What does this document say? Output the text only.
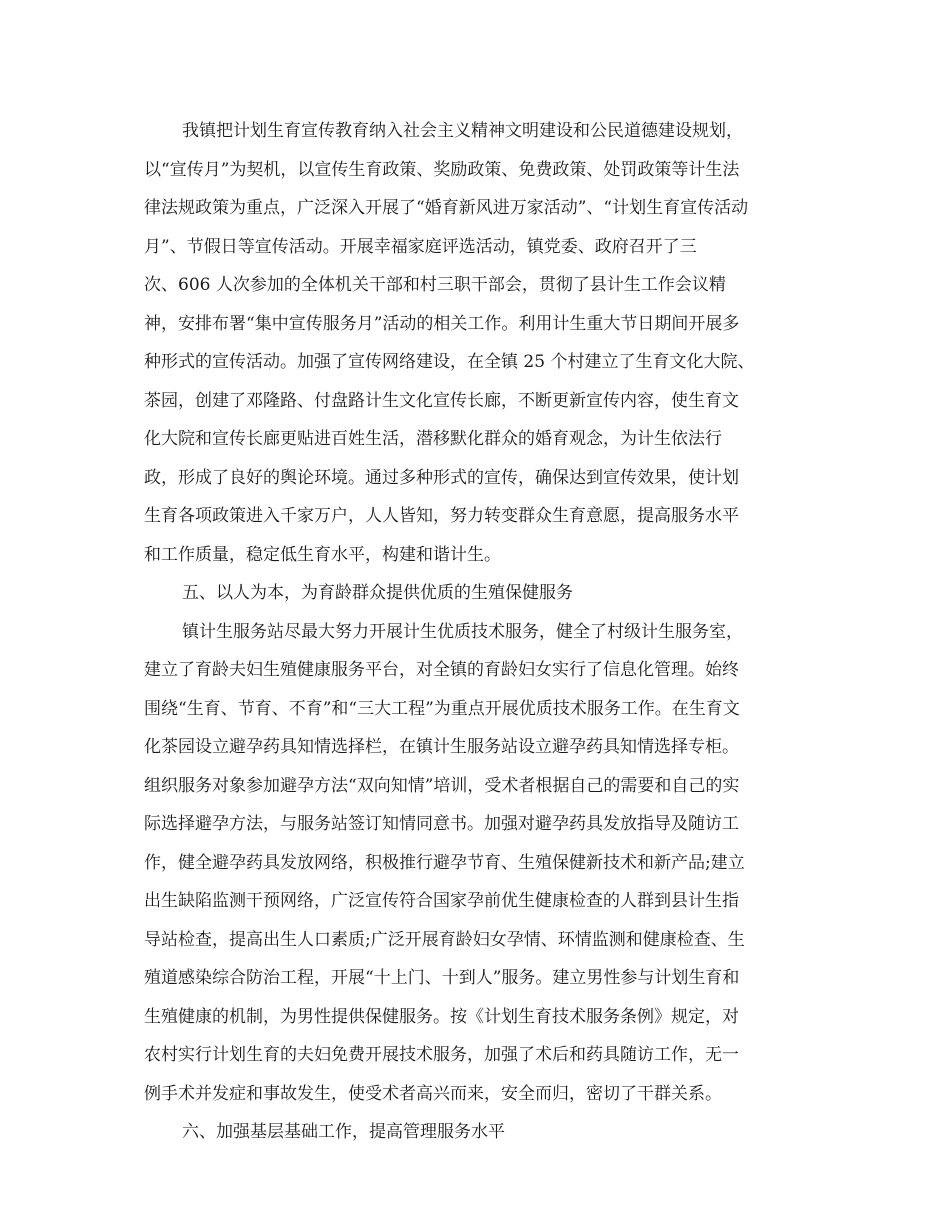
我镇把计划生育宣传教育纳入社会主义精神文明建设和公民道德建设规划，
以“宣传月”为契机，以宣传生育政策、奖励政策、免费政策、处罚政策等计生法
律法规政策为重点，广泛深入开展了“婚育新风进万家活动”、“计划生育宣传活动
月”、节假日等宣传活动。开展幸福家庭评选活动，镇党委、政府召开了三
次、606 人次参加的全体机关干部和村三职干部会，贯彻了县计生工作会议精
神，安排布署“集中宣传服务月”活动的相关工作。利用计生重大节日期间开展多
种形式的宣传活动。加强了宣传网络建设，在全镇 25 个村建立了生育文化大院、
茶园，创建了邓隆路、付盘路计生文化宣传长廊，不断更新宣传内容，使生育文
化大院和宣传长廊更贴进百姓生活，潜移默化群众的婚育观念，为计生依法行
政，形成了良好的舆论环境。通过多种形式的宣传，确保达到宣传效果，使计划
生育各项政策进入千家万户，人人皆知，努力转变群众生育意愿，提高服务水平
和工作质量，稳定低生育水平，构建和谐计生。
五、以人为本，为育龄群众提供优质的生殖保健服务
镇计生服务站尽最大努力开展计生优质技术服务，健全了村级计生服务室，
建立了育龄夫妇生殖健康服务平台，对全镇的育龄妇女实行了信息化管理。始终
围绕“生育、节育、不育”和“三大工程”为重点开展优质技术服务工作。在生育文
化茶园设立避孕药具知情选择栏，在镇计生服务站设立避孕药具知情选择专柜。
组织服务对象参加避孕方法“双向知情”培训，受术者根据自己的需要和自己的实
际选择避孕方法，与服务站签订知情同意书。加强对避孕药具发放指导及随访工
作，健全避孕药具发放网络，积极推行避孕节育、生殖保健新技术和新产品;建立
出生缺陷监测干预网络，广泛宣传符合国家孕前优生健康检查的人群到县计生指
导站检查，提高出生人口素质;广泛开展育龄妇女孕情、环情监测和健康检查、生
殖道感染综合防治工程，开展“十上门、十到人”服务。建立男性参与计划生育和
生殖健康的机制，为男性提供保健服务。按《计划生育技术服务条例》规定，对
农村实行计划生育的夫妇免费开展技术服务，加强了术后和药具随访工作，无一
例手术并发症和事故发生，使受术者高兴而来，安全而归，密切了干群关系。
六、加强基层基础工作，提高管理服务水平
